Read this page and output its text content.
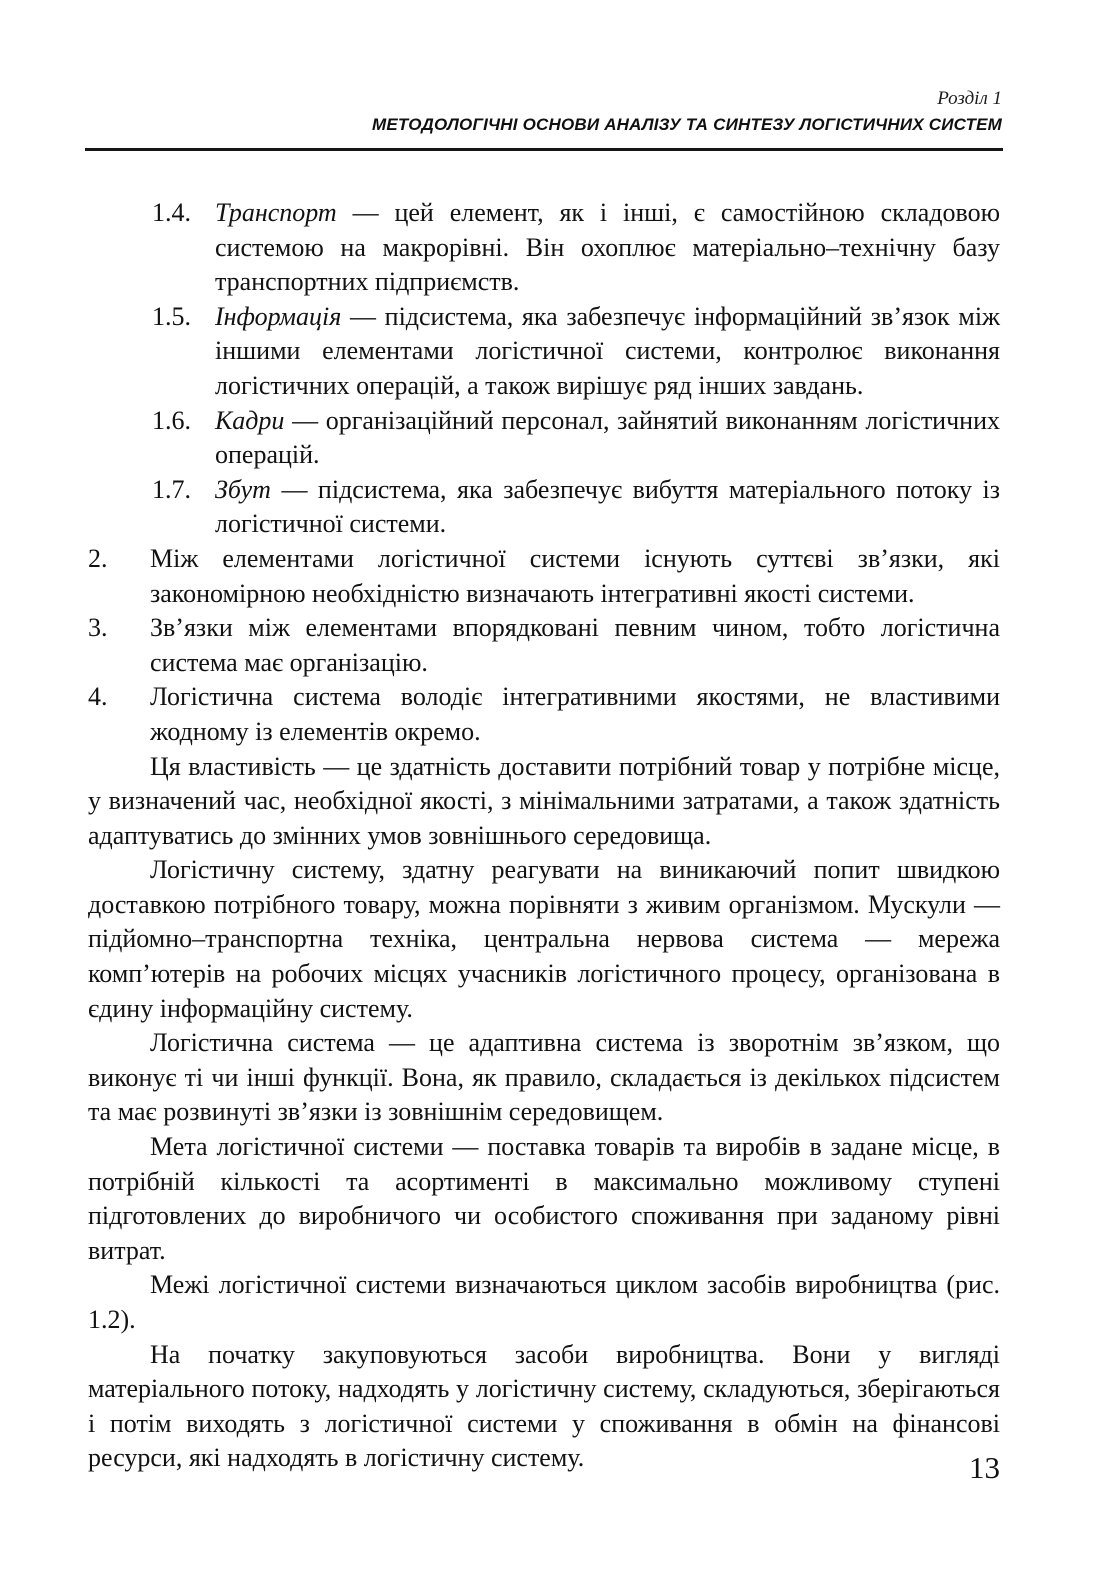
Розділ 1
МЕТОДОЛОГІЧНІ ОСНОВИ АНАЛІЗУ ТА СИНТЕЗУ ЛОГІСТИЧНИХ СИСТЕМ
1.4. Транспорт — цей елемент, як і інші, є самостійною складовою системою на макрорівні. Він охоплює матеріально–технічну базу транспортних підприємств.
1.5. Інформація — підсистема, яка забезпечує інформаційний зв’язок між іншими елементами логістичної системи, контролює виконання логістичних операцій, а також вирішує ряд інших завдань.
1.6. Кадри — організаційний персонал, зайнятий виконанням логістичних операцій.
1.7. Збут — підсистема, яка забезпечує вибуття матеріального потоку із логістичної системи.
2.	Між елементами логістичної системи існують суттєві зв’язки, які закономірною необхідністю визначають інтегративні якості системи.
3.	Зв’язки між елементами впорядковані певним чином, тобто логістична система має організацію.
4.	Логістична система володіє інтегративними якостями, не властивими жодному із елементів окремо.

Ця властивість — це здатність доставити потрібний товар у потрібне місце, у визначений час, необхідної якості, з мінімальними затратами, а також здатність адаптуватись до змінних умов зовнішнього середовища.

Логістичну систему, здатну реагувати на виникаючий попит швидкою доставкою потрібного товару, можна порівняти з живим організмом. Мускули — підйомно–транспортна техніка, центральна нервова система — мережа комп’ютерів на робочих місцях учасників логістичного процесу, організована в єдину інформаційну систему.

Логістична система — це адаптивна система із зворотнім зв’язком, що виконує ті чи інші функції. Вона, як правило, складається із декількох підсистем та має розвинуті зв’язки із зовнішнім середовищем.

Мета логістичної системи — поставка товарів та виробів в задане місце, в потрібній кількості та асортименті в максимально можливому ступені підготовлених до виробничого чи особистого споживання при заданому рівні витрат.

Межі логістичної системи визначаються циклом засобів виробництва (рис. 1.2).

На початку закуповуються засоби виробництва. Вони у вигляді матеріального потоку, надходять у логістичну систему, складуються, зберігаються і потім виходять з логістичної системи у споживання в обмін на фінансові ресурси, які надходять в логістичну систему.	13
